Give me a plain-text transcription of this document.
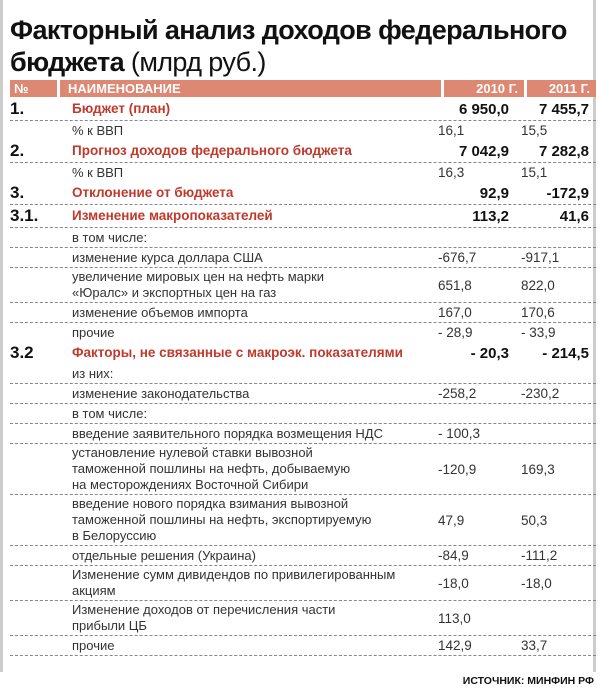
Факторный анализ доходов федерального бюджета (млрд руб.)
№	НАИМЕНОВАНИЕ	2010 Г.	2011 Г.
1.	Бюджет (план)	6 950,0	7 455,7
% к ВВП	16,1	15,5
2.	Прогноз доходов федерального бюджета	7 042,9	7 282,8
% к ВВП	16,3	15,1
3.	Отклонение от бюджета	92,9	-172,9
3.1.	Изменение макропоказателей	113,2	41,6
в том числе:
изменение курса доллара США	-676,7	-917,1
увеличение мировых цен на нефть марки
«Юралс» и экспортных цен на газ	651,8	822,0
изменение объемов импорта	167,0	170,6
прочие	- 28,9	- 33,9
3.2	Факторы, не связанные с макроэк. показателями	- 20,3	- 214,5
из них:
изменение законодательства	-258,2	-230,2
в том числе:
введение заявительного порядка возмещения НДС	- 100,3
установление нулевой ставки вывозной
таможенной пошлины на нефть, добываемую
на месторождениях Восточной Сибири
-120,9	169,3
введение нового порядка взимания вывозной
таможенной пошлины на нефть, экспортируемую
в Белоруссию
47,9	50,3
отдельные решения (Украина)	-84,9	-111,2
Изменение сумм дивидендов по привилегированным
акциям	-18,0	-18,0
Изменение доходов от перечисления части
прибыли ЦБ	113,0
прочие	142,9	33,7
ИСТОЧНИК: МИНФИН РФ
